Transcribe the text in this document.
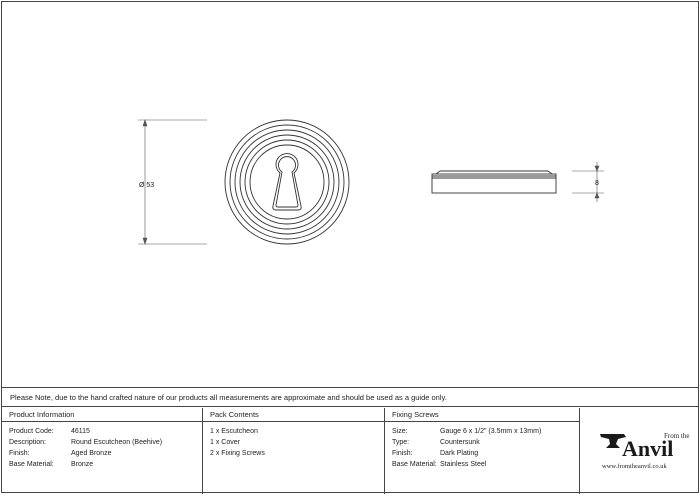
Ø 53	8
Please Note, due to the hand crafted nature of our products all measurements are approximate and should be used as a guide only.
Product Information
Product Code:	46115
Description:	Round Escutcheon (Beehive)
Finish:	Aged Bronze
Base Material:	Bronze
Pack Contents
1 x Escutcheon
1 x Cover
2 x Fixing Screws
Fixing Screws
Size:	Gauge 6 x 1/2" (3.5mm x 13mm)
Type:	Countersunk
Finish:	Dark Plating
Base Material: Stainless Steel
From the
Anvil
www.fromtheanvil.co.uk
